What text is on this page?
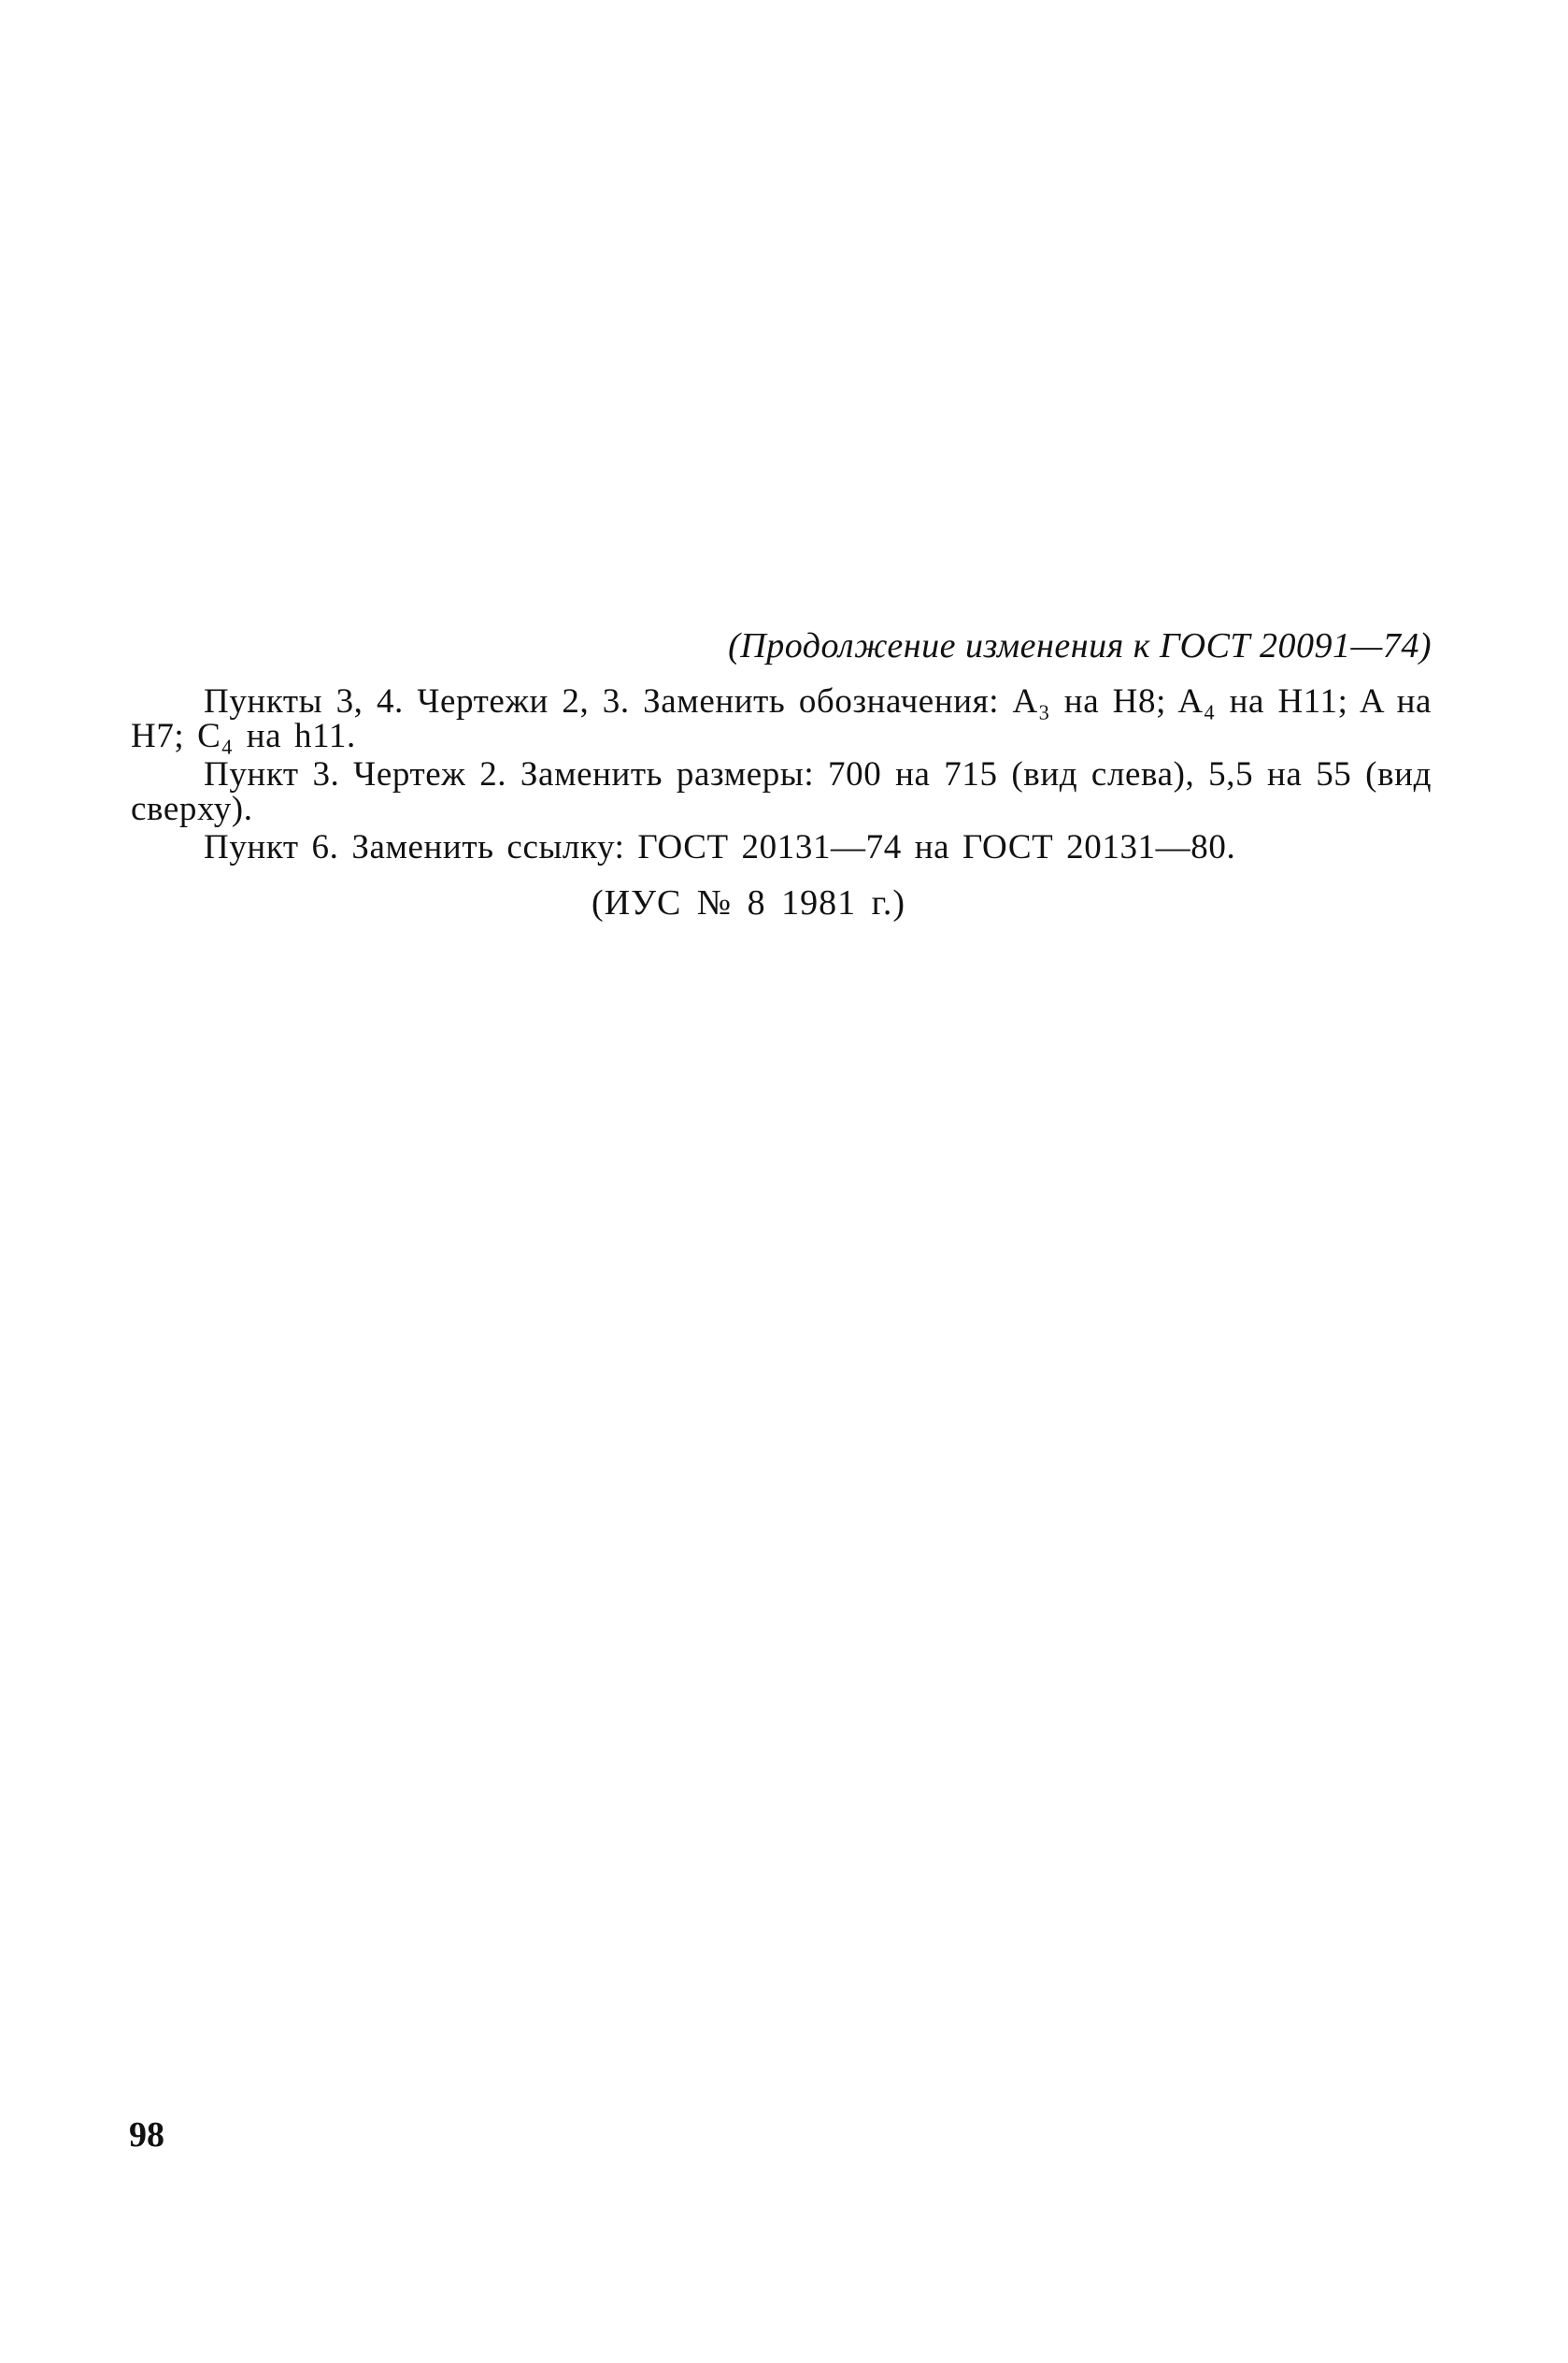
(Продолжение изменения к ГОСТ 20091—74)

Пункты 3, 4. Чертежи 2, 3. Заменить обозначения: A₃ на H8; A₄ на H11; A на H7; C₄ на h11.

Пункт 3. Чертеж 2. Заменить размеры: 700 на 715 (вид слева), 5,5 на 55 (вид сверху).

Пункт 6. Заменить ссылку: ГОСТ 20131—74 на ГОСТ 20131—80.

(ИУС № 8 1981 г.)
98
